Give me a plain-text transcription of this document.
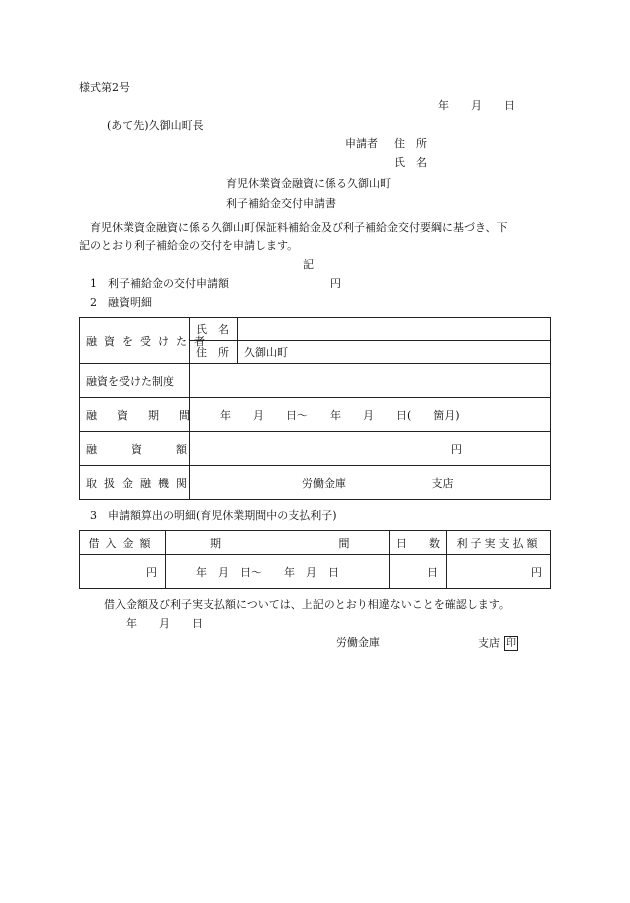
様式第2号
年　　月　　日
(あて先)久御山町長
申請者 住　所
氏　名
育児休業資金融資に係る久御山町
利子補給金交付申請書
育児休業資金融資に係る久御山町保証料補給金及び利子補給金交付要綱に基づき、下
記のとおり利子補給金の交付を申請します。
記
1　利子補給金の交付申請額	円
2　融資明細
融資を受けた者	氏　名	
	住　所	久御山町
融資を受けた制度		
融資期間	年　　月　　日～　　年　　月　　日(　　箇月)	
融資額	円	
取扱金融機関	労働金庫 支店	
3　申請額算出の明細(育児休業期間中の支払利子)
借入金額	期 間	日　　数	利子実支払額
円	年　月　日～　　年　月　日	日	円
借入金額及び利子実支払額については、上記のとおり相違ないことを確認します。
年　　月　　日
労働金庫	支店 印
